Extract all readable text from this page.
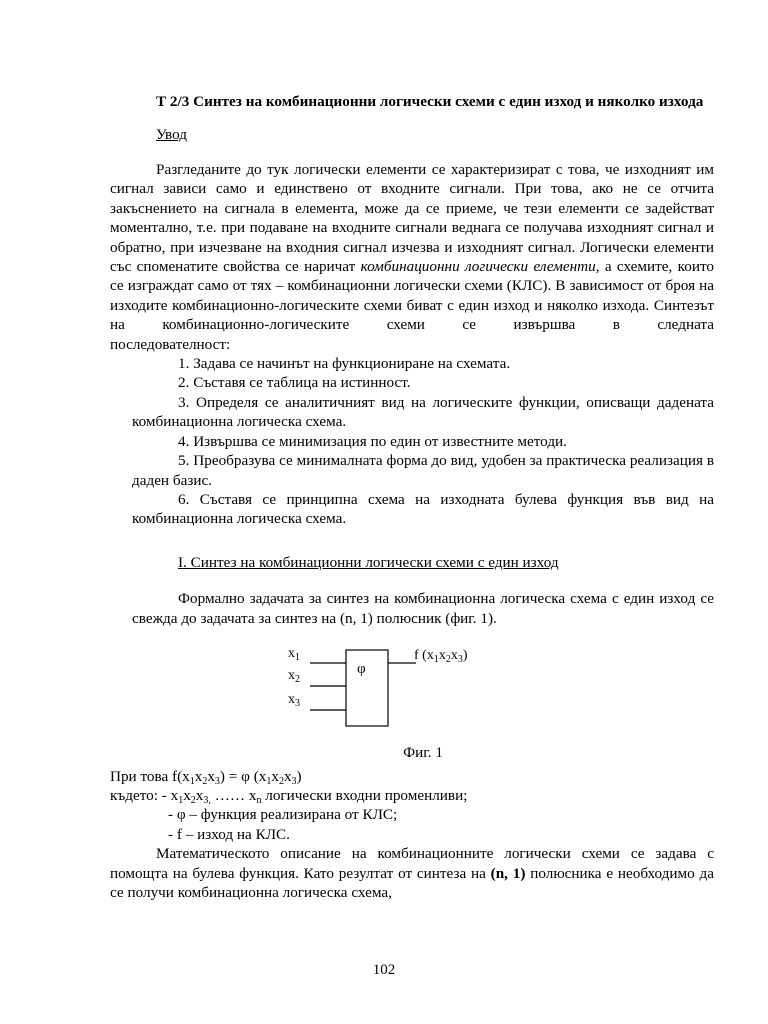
Т 2/3 Синтез на комбинационни логически схеми с един изход и няколко изхода

Увод

Разгледаните до тук логически елементи се характеризират с това, че изходният им сигнал зависи само и единствено от входните сигнали. При това, ако не се отчита закъснението на сигнала в елемента, може да се приеме, че тези елементи се задействат моментално, т.е. при подаване на входните сигнали веднага се получава изходният сигнал и обратно, при изчезване на входния сигнал изчезва и изходният сигнал. Логически елементи със споменатите свойства се наричат комбинационни логически елементи, а схемите, които се изграждат само от тях – комбинационни логически схеми (КЛС). В зависимост от броя на изходите комбинационно-логическите схеми биват с един изход и няколко изхода. Синтезът на комбинационно-логическите схеми се извършва в следната

последователност:

1. Задава се начинът на функциониране на схемата.

2. Съставя се таблица на истинност.

3. Определя се аналитичният вид на логическите функции, описващи дадената комбинационна логическа схема.

4. Извършва се минимизация по един от известните методи.

5. Преобразува се минималната форма до вид, удобен за практическа реализация в даден базис.

6. Съставя се принципна схема на изходната булева функция във вид на комбинационна логическа схема.

I. Синтез на комбинационни логически схеми с един изход

Формално задачата за синтез на комбинационна логическа схема с един изход се свежда до задачата за синтез на (n, 1) полюсник (фиг. 1).

$x_1$
$x_2$
$x_3$
φ
f $(x_1x_2x_3)$

Фиг. 1

При това $f(x_1x_2x_3) = \varphi$ $(x_1x_2x_3)$

където: - $x_1x_2x_{3,}$ …… $x_n$ логически входни променливи;

- φ – функция реализирана от КЛС;

- f – изход на КЛС.

Математическото описание на комбинационните логически схеми се задава с помощта на булева функция. Като резултат от синтеза на (n, 1) полюсника е необходимо да се получи комбинационна логическа схема,

102
